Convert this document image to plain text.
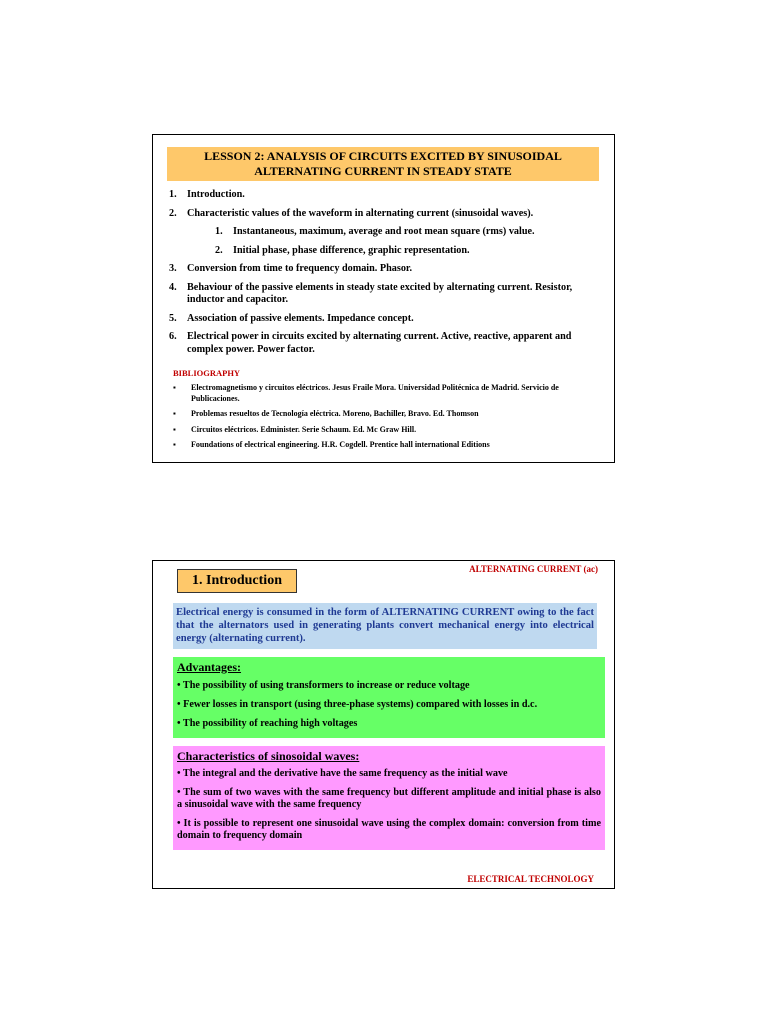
LESSON 2: ANALYSIS OF CIRCUITS EXCITED BY SINUSOIDAL
ALTERNATING CURRENT IN STEADY STATE
1.	Introduction.
2.	Characteristic values of the waveform in alternating current (sinusoidal waves).
1.	Instantaneous, maximum, average and root mean square (rms) value.
2.	Initial phase, phase difference, graphic representation.
3.	Conversion from time to frequency domain. Phasor.
4.	Behaviour of the passive elements in steady state excited by alternating current. Resistor, inductor and capacitor.
5.	Association of passive elements. Impedance concept.
6.	Electrical power in circuits excited by alternating current. Active, reactive, apparent and complex power. Power factor.
BIBLIOGRAPHY
▪	Electromagnetismo y circuitos eléctricos. Jesus Fraile Mora. Universidad Politécnica de Madrid. Servicio de Publicaciones.
▪	Problemas resueltos de Tecnología eléctrica. Moreno, Bachiller, Bravo. Ed. Thomson
▪	Circuitos eléctricos. Edminister. Serie Schaum. Ed. Mc Graw Hill.
▪	Foundations of electrical engineering. H.R. Cogdell. Prentice hall international Editions
ALTERNATING CURRENT (ac)
1. Introduction
Electrical energy is consumed in the form of ALTERNATING CURRENT owing to the fact that the alternators used in generating plants convert mechanical energy into electrical energy (alternating current).
Advantages:
• The possibility of using transformers to increase or reduce voltage
• Fewer losses in transport (using three-phase systems) compared with losses in d.c.
• The possibility of reaching high voltages
Characteristics of sinosoidal waves:
• The integral and the derivative have the same frequency as the initial wave
• The sum of two waves with the same frequency but different amplitude and initial phase is also a sinusoidal wave with the same frequency
• It is possible to represent one sinusoidal wave using the complex domain: conversion from time domain to frequency domain
ELECTRICAL TECHNOLOGY
